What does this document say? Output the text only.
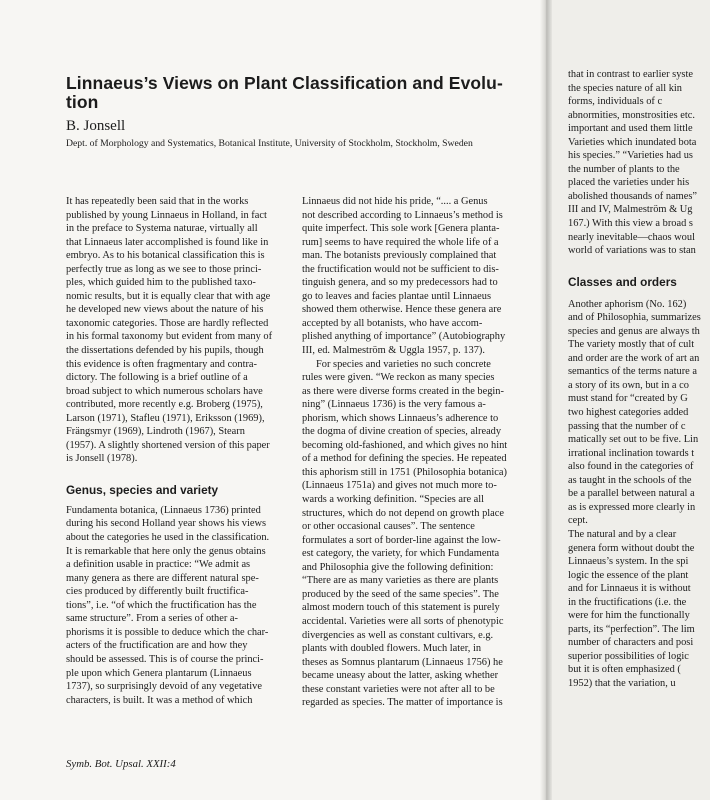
Linnaeus’s Views on Plant Classification and Evolu-tion
B. Jonsell
Dept. of Morphology and Systematics, Botanical Institute, University of Stockholm, Stockholm, Sweden

It has repeatedly been said that in the works
published by young Linnaeus in Holland, in fact
in the preface to Systema naturae, virtually all
that Linnaeus later accomplished is found like in
embryo. As to his botanical classification this is
perfectly true as long as we see to those princi-
ples, which guided him to the published taxo-
nomic results, but it is equally clear that with age
he developed new views about the nature of his
taxonomic categories. Those are hardly reflected
in his formal taxonomy but evident from many of
the dissertations defended by his pupils, though
this evidence is often fragmentary and contra-
dictory. The following is a brief outline of a
broad subject to which numerous scholars have
contributed, more recently e.g. Broberg (1975),
Larson (1971), Stafleu (1971), Eriksson (1969),
Frängsmyr (1969), Lindroth (1967), Stearn
(1957). A slightly shortened version of this paper
is Jonsell (1978).

Genus, species and variety

Fundamenta botanica, (Linnaeus 1736) printed
during his second Holland year shows his views
about the categories he used in the classification.
It is remarkable that here only the genus obtains
a definition usable in practice: “We admit as
many genera as there are different natural spe-
cies produced by differently built fructifica-
tions”, i.e. “of which the fructification has the
same structure”. From a series of other a-
phorisms it is possible to deduce which the char-
acters of the fructification are and how they
should be assessed. This is of course the princi-
ple upon which Genera plantarum (Linnaeus
1737), so surprisingly devoid of any vegetative
characters, is built. It was a method of which

Linnaeus did not hide his pride, “.... a Genus
not described according to Linnaeus’s method is
quite imperfect. This sole work [Genera planta-
rum] seems to have required the whole life of a
man. The botanists previously complained that
the fructification would not be sufficient to dis-
tinguish genera, and so my predecessors had to
go to leaves and facies plantae until Linnaeus
showed them otherwise. Hence these genera are
accepted by all botanists, who have accom-
plished anything of importance” (Autobiography
III, ed. Malmeström & Uggla 1957, p. 137).

For species and varieties no such concrete
rules were given. “We reckon as many species
as there were diverse forms created in the begin-
ning” (Linnaeus 1736) is the very famous a-
phorism, which shows Linnaeus’s adherence to
the dogma of divine creation of species, already
becoming old-fashioned, and which gives no hint
of a method for defining the species. He repeated
this aphorism still in 1751 (Philosophia botanica)
(Linnaeus 1751a) and gives not much more to-
wards a working definition. “Species are all
structures, which do not depend on growth place
or other occasional causes”. The sentence
formulates a sort of border-line against the low-
est category, the variety, for which Fundamenta
and Philosophia give the following definition:
“There are as many varieties as there are plants
produced by the seed of the same species”. The
almost modern touch of this statement is purely
accidental. Varieties were all sorts of phenotypic
divergencies as well as constant cultivars, e.g.
plants with doubled flowers. Much later, in
theses as Somnus plantarum (Linnaeus 1756) he
became uneasy about the latter, asking whether
these constant varieties were not after all to be
regarded as species. The matter of importance is

Symb. Bot. Upsal. XXII:4

that in contrast to earlier syste
the species nature of all kin
forms, individuals of c
abnormities, monstrosities etc.
important and used them little
Varieties which inundated bota
his species.” “Varieties had us
the number of plants to the
placed the varieties under his
abolished thousands of names”
III and IV, Malmeström & Ug
167.) With this view a broad s
nearly inevitable—chaos woul
world of variations was to stan

Classes and orders

Another aphorism (No. 162)
and of Philosophia, summarizes
species and genus are always th
The variety mostly that of cult
and order are the work of art an
semantics of the terms nature a
a story of its own, but in a co
must stand for “created by G
two highest categories added
passing that the number of c
matically set out to be five. Lin
irrational inclination towards t
also found in the categories of
as taught in the schools of the
be a parallel between natural a
as is expressed more clearly in
cept.
The natural and by a clear
genera form without doubt the
Linnaeus’s system. In the spi
logic the essence of the plant
and for Linnaeus it is without
in the fructifications (i.e. the
were for him the functionally
parts, its “perfection”. The lim
number of characters and posi
superior possibilities of logic
but it is often emphasized (
1952) that the variation, u
